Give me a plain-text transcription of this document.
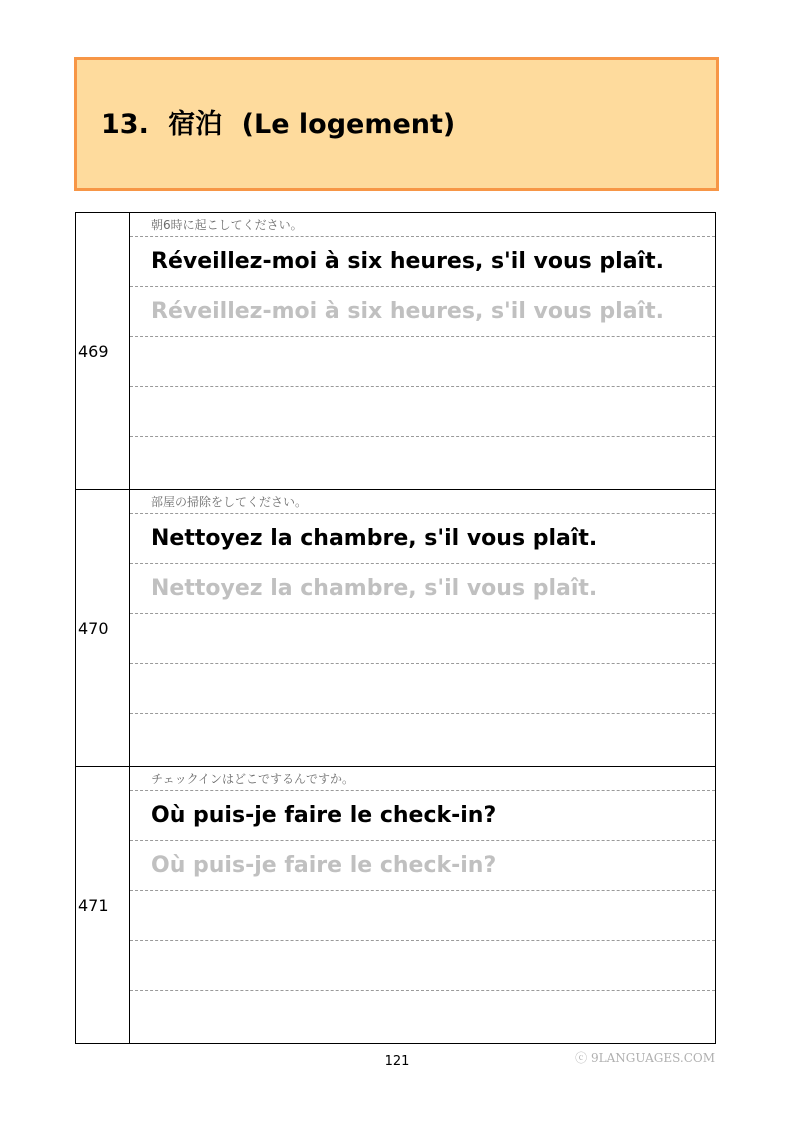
13. 宿泊 (Le logement)
469
朝6時に起こしてください。
Réveillez-moi à six heures, s'il vous plaît.
Réveillez-moi à six heures, s'il vous plaît.
470
部屋の掃除をしてください。
Nettoyez la chambre, s'il vous plaît.
Nettoyez la chambre, s'il vous plaît.
471
チェックインはどこでするんですか。
Où puis-je faire le check-in?
Où puis-je faire le check-in?
121	ⓒ 9LANGUAGES.COM
